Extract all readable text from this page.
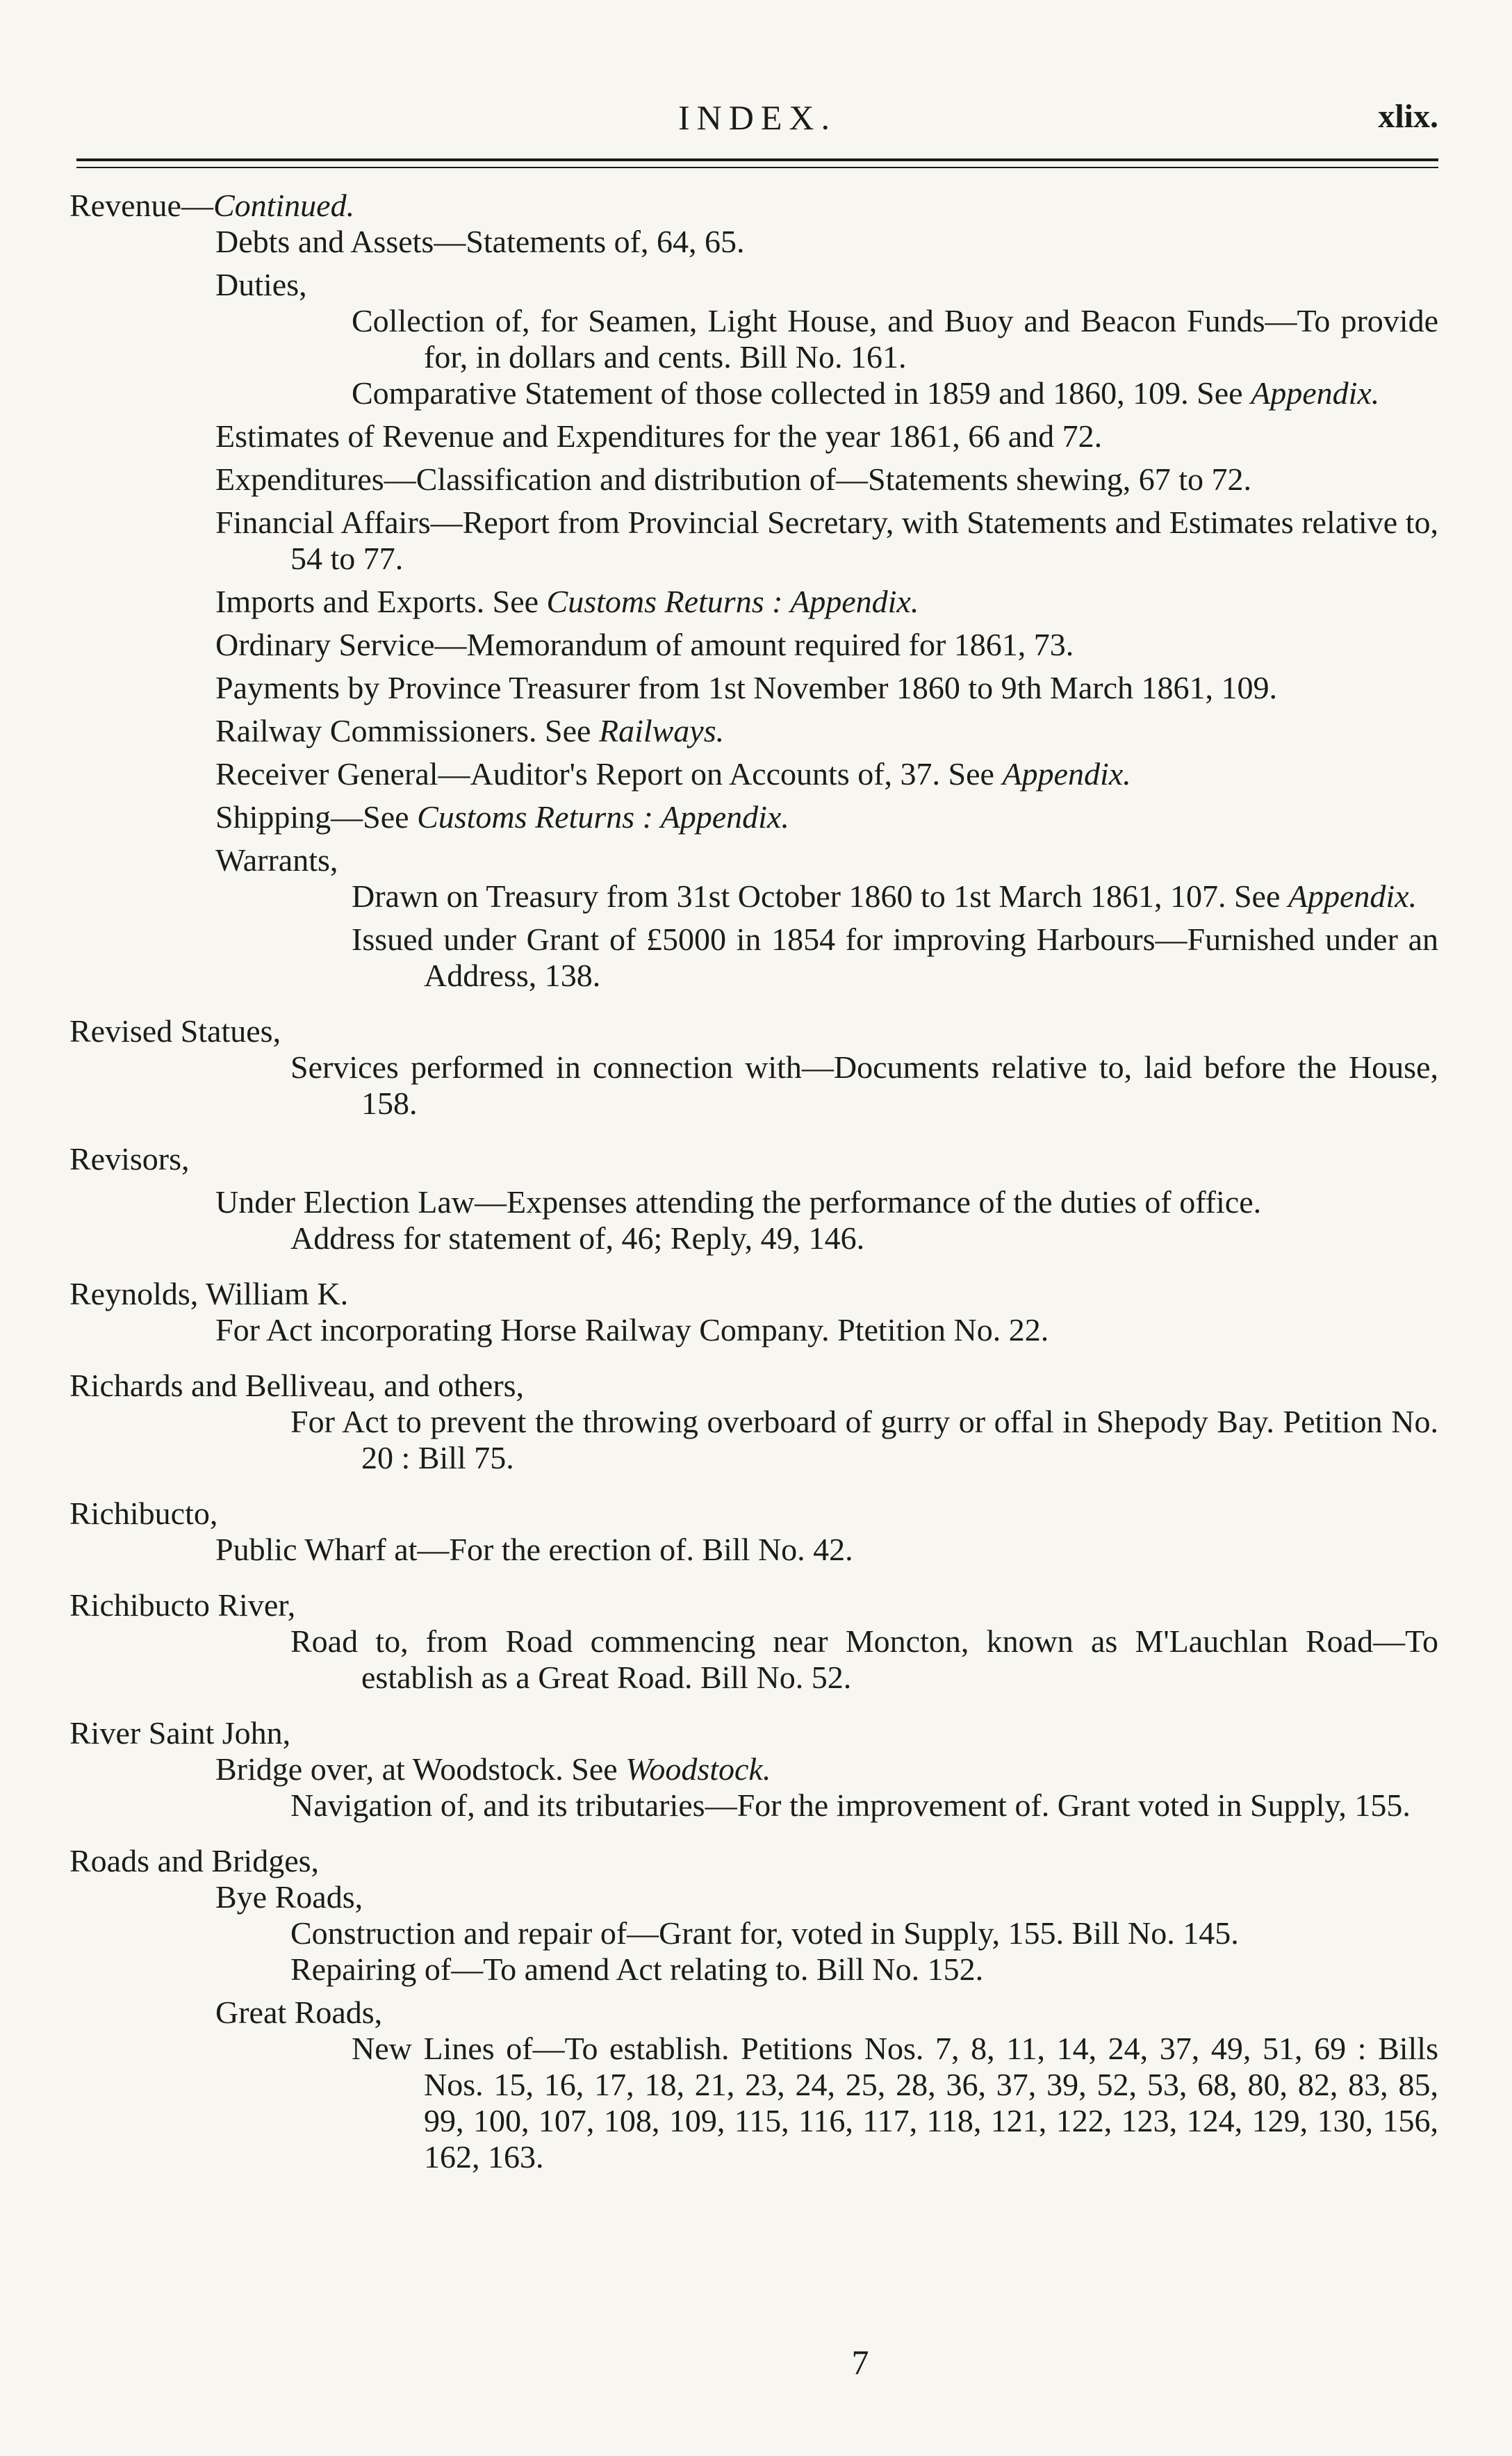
INDEX.	xlix.

Revenue—Continued.

Debts and Assets—Statements of, 64, 65.

Duties,

Collection of, for Seamen, Light House, and Buoy and Beacon Funds—To provide for, in dollars and cents. Bill No. 161.

Comparative Statement of those collected in 1859 and 1860, 109. See Appendix.

Estimates of Revenue and Expenditures for the year 1861, 66 and 72.

Expenditures—Classification and distribution of—Statements shewing, 67 to 72.

Financial Affairs—Report from Provincial Secretary, with Statements and Estimates relative to, 54 to 77.

Imports and Exports. See Customs Returns : Appendix.

Ordinary Service—Memorandum of amount required for 1861, 73.

Payments by Province Treasurer from 1st November 1860 to 9th March 1861, 109.

Railway Commissioners. See Railways.

Receiver General—Auditor's Report on Accounts of, 37. See Appendix.

Shipping—See Customs Returns : Appendix.

Warrants,

Drawn on Treasury from 31st October 1860 to 1st March 1861, 107. See Appendix.

Issued under Grant of £5000 in 1854 for improving Harbours—Furnished under an Address, 138.

Revised Statues,

Services performed in connection with—Documents relative to, laid before the House, 158.

Revisors,

Under Election Law—Expenses attending the performance of the duties of office.

Address for statement of, 46; Reply, 49, 146.

Reynolds, William K.

For Act incorporating Horse Railway Company. Ptetition No. 22.

Richards and Belliveau, and others,

For Act to prevent the throwing overboard of gurry or offal in Shepody Bay. Petition No. 20 : Bill 75.

Richibucto,

Public Wharf at—For the erection of. Bill No. 42.

Richibucto River,

Road to, from Road commencing near Moncton, known as M'Lauchlan Road—To establish as a Great Road. Bill No. 52.

River Saint John,

Bridge over, at Woodstock. See Woodstock.

Navigation of, and its tributaries—For the improvement of. Grant voted in Supply, 155.

Roads and Bridges,

Bye Roads,

Construction and repair of—Grant for, voted in Supply, 155. Bill No. 145.

Repairing of—To amend Act relating to. Bill No. 152.

Great Roads,

New Lines of—To establish. Petitions Nos. 7, 8, 11, 14, 24, 37, 49, 51, 69 : Bills Nos. 15, 16, 17, 18, 21, 23, 24, 25, 28, 36, 37, 39, 52, 53, 68, 80, 82, 83, 85, 99, 100, 107, 108, 109, 115, 116, 117, 118, 121, 122, 123, 124, 129, 130, 156, 162, 163.

7
